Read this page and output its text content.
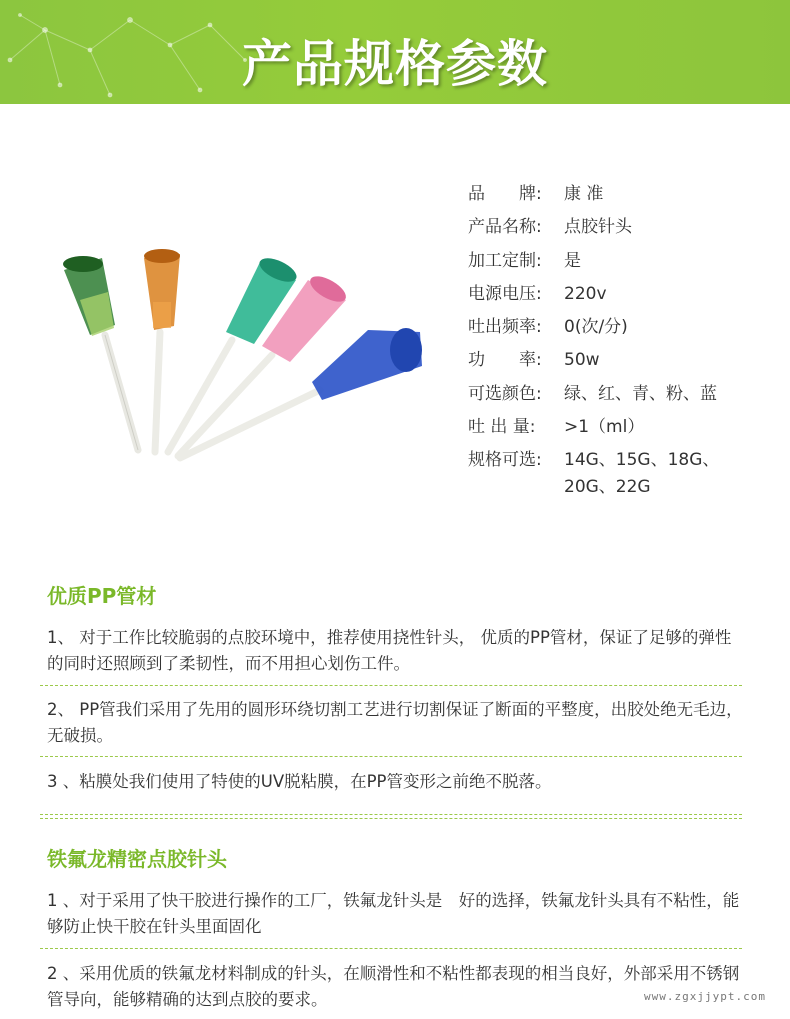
产品规格参数
品　　牌:	康 准
产品名称:	点胶针头
加工定制:	是
电源电压:	220v
吐出频率:	0(次/分)
功　　率:	50w
可选颜色:	绿、红、青、粉、蓝
吐 出 量:	>1（ml）
规格可选:	14G、15G、18G、20G、22G
优质PP管材
1、 对于工作比较脆弱的点胶环境中，推荐使用挠性针头， 优质的PP管材，保证了足够的弹性的同时还照顾到了柔韧性，而不用担心划伤工件。
2、 PP管我们采用了先用的圆形环绕切割工艺进行切割保证了断面的平整度，出胶处绝无毛边，无破损。
3 、粘膜处我们使用了特使的UV脱粘膜，在PP管变形之前绝不脱落。
铁氟龙精密点胶针头
1 、对于采用了快干胶进行操作的工厂，铁氟龙针头是　好的选择，铁氟龙针头具有不粘性，能够防止快干胶在针头里面固化
2 、采用优质的铁氟龙材料制成的针头，在顺滑性和不粘性都表现的相当良好，外部采用不锈钢管导向，能够精确的达到点胶的要求。	www.zgxjjypt.com
